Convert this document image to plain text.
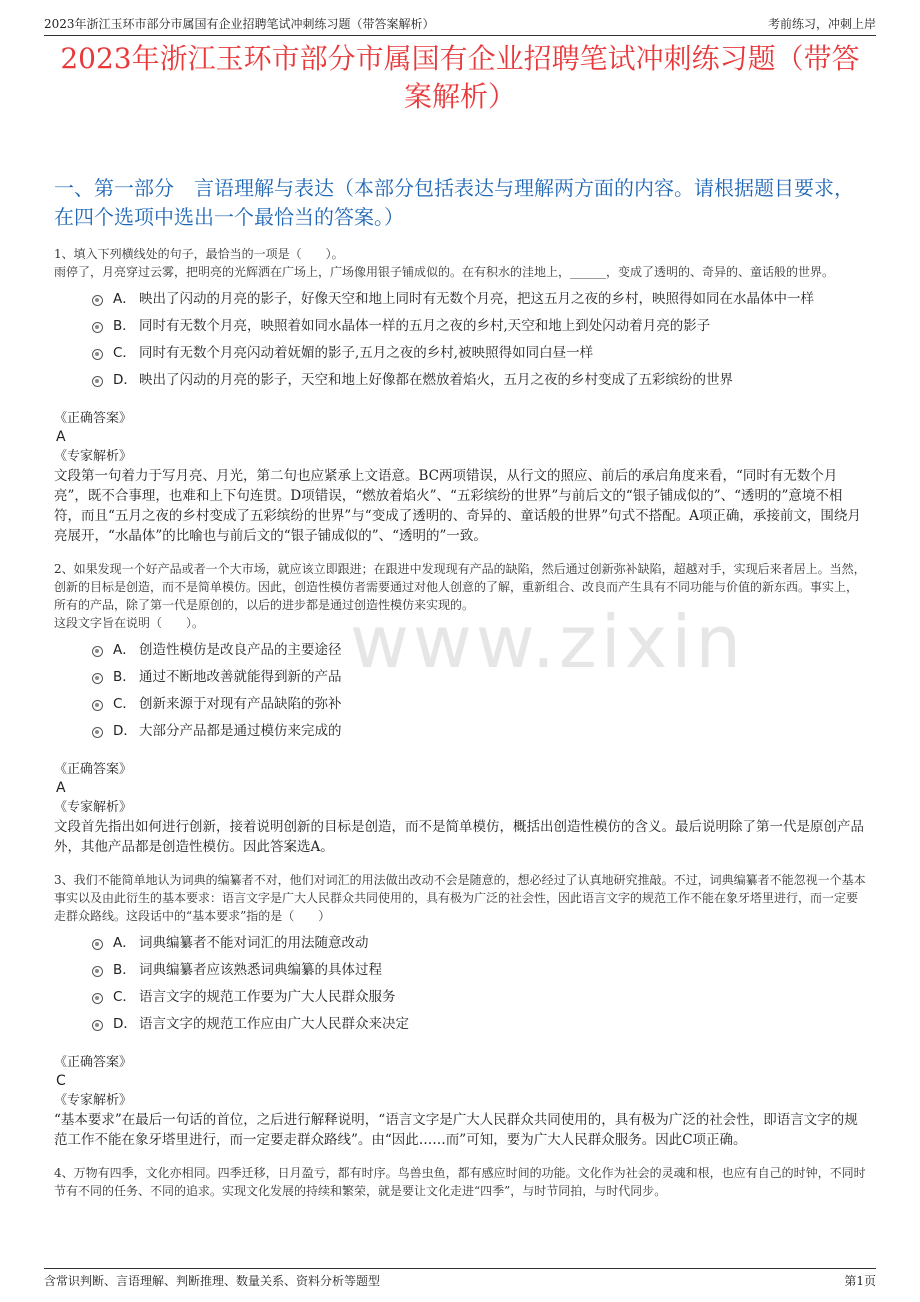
2023年浙江玉环市部分市属国有企业招聘笔试冲刺练习题（带答案解析）	考前练习，冲刺上岸
www.zixin
2023年浙江玉环市部分市属国有企业招聘笔试冲刺练习题（带答案解析）
一、第一部分　言语理解与表达（本部分包括表达与理解两方面的内容。请根据题目要求，在四个选项中选出一个最恰当的答案。）

1、填入下列横线处的句子，最恰当的一项是（　　）。
雨停了，月亮穿过云雾，把明亮的光辉洒在广场上，广场像用银子铺成似的。在有积水的洼地上，______，变成了透明的、奇异的、童话般的世界。

A． 映出了闪动的月亮的影子，好像天空和地上同时有无数个月亮，把这五月之夜的乡村，映照得如同在水晶体中一样
B． 同时有无数个月亮，映照着如同水晶体一样的五月之夜的乡村,天空和地上到处闪动着月亮的影子
C． 同时有无数个月亮闪动着妩媚的影子,五月之夜的乡村,被映照得如同白昼一样
D． 映出了闪动的月亮的影子，天空和地上好像都在燃放着焰火，五月之夜的乡村变成了五彩缤纷的世界

《正确答案》

A

《专家解析》

文段第一句着力于写月亮、月光，第二句也应紧承上文语意。BC两项错误，从行文的照应、前后的承启角度来看，“同时有无数个月亮”，既不合事理，也难和上下句连贯。D项错误，“燃放着焰火”、“五彩缤纷的世界”与前后文的“银子铺成似的”、“透明的”意境不相符，而且“五月之夜的乡村变成了五彩缤纷的世界”与“变成了透明的、奇异的、童话般的世界”句式不搭配。A项正确，承接前文，围绕月亮展开，“水晶体”的比喻也与前后文的“银子铺成似的”、“透明的”一致。

2、如果发现一个好产品或者一个大市场，就应该立即跟进；在跟进中发现现有产品的缺陷，然后通过创新弥补缺陷，超越对手，实现后来者居上。当然，创新的目标是创造，而不是简单模仿。因此，创造性模仿者需要通过对他人创意的了解，重新组合、改良而产生具有不同功能与价值的新东西。事实上，所有的产品，除了第一代是原创的，以后的进步都是通过创造性模仿来实现的。
这段文字旨在说明（　　）。

A． 创造性模仿是改良产品的主要途径
B． 通过不断地改善就能得到新的产品
C． 创新来源于对现有产品缺陷的弥补
D． 大部分产品都是通过模仿来完成的

《正确答案》

A

《专家解析》

文段首先指出如何进行创新，接着说明创新的目标是创造，而不是简单模仿，概括出创造性模仿的含义。最后说明除了第一代是原创产品外，其他产品都是创造性模仿。因此答案选A。

3、我们不能简单地认为词典的编纂者不对，他们对词汇的用法做出改动不会是随意的，想必经过了认真地研究推敲。不过，词典编纂者不能忽视一个基本事实以及由此衍生的基本要求：语言文字是广大人民群众共同使用的，具有极为广泛的社会性，因此语言文字的规范工作不能在象牙塔里进行，而一定要走群众路线。这段话中的“基本要求”指的是（　　）

A． 词典编纂者不能对词汇的用法随意改动
B． 词典编纂者应该熟悉词典编纂的具体过程
C． 语言文字的规范工作要为广大人民群众服务
D． 语言文字的规范工作应由广大人民群众来决定

《正确答案》

C

《专家解析》

“基本要求”在最后一句话的首位，之后进行解释说明，“语言文字是广大人民群众共同使用的，具有极为广泛的社会性，即语言文字的规范工作不能在象牙塔里进行，而一定要走群众路线”。由“因此……而”可知，要为广大人民群众服务。因此C项正确。

4、万物有四季，文化亦相同。四季迁移，日月盈亏，都有时序。鸟兽虫鱼，都有感应时间的功能。文化作为社会的灵魂和根，也应有自己的时钟，不同时节有不同的任务、不同的追求。实现文化发展的持续和繁荣，就是要让文化走进“四季”，与时节同拍，与时代同步。

含常识判断、言语理解、判断推理、数量关系、资料分析等题型	第1页
